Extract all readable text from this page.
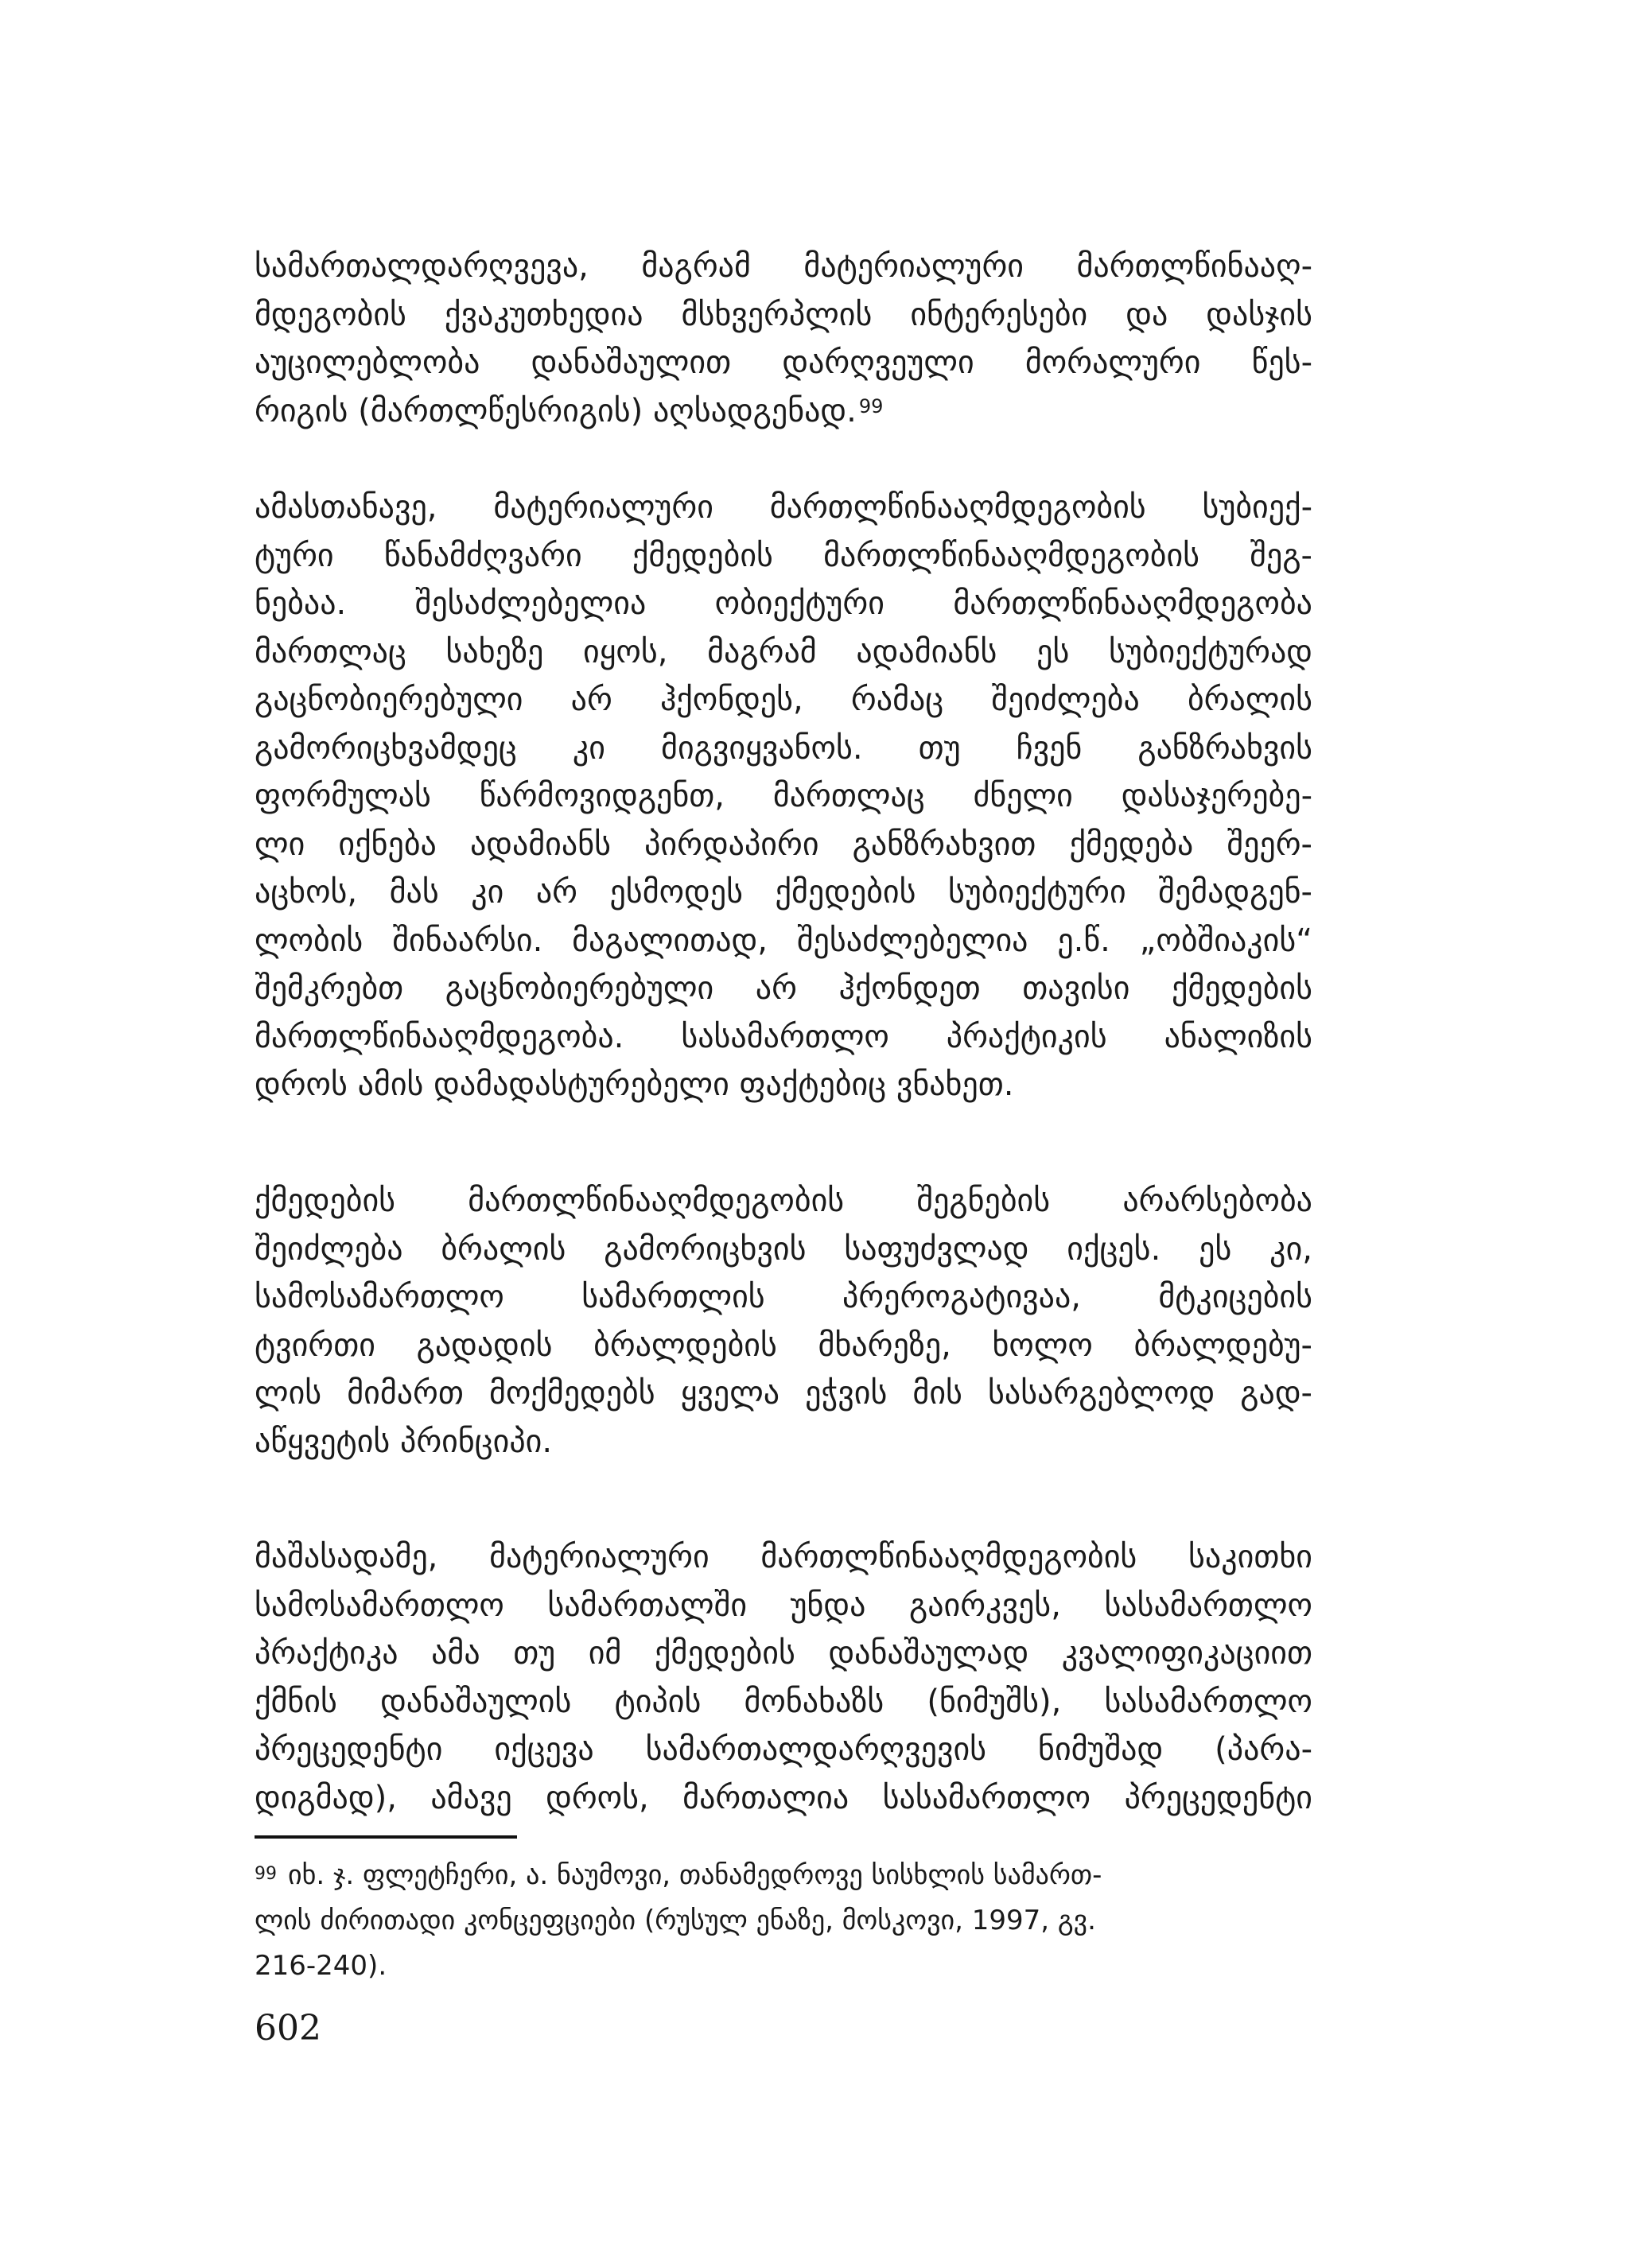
სამართალდარღვევა, მაგრამ მატერიალური მართლწინააღ-
მდეგობის ქვაკუთხედია მსხვერპლის ინტერესები და დასჯის
აუცილებლობა დანაშაულით დარღვეული მორალური წეს-
რიგის (მართლწესრიგის) აღსადგენად. $^{99}$
ამასთანავე, მატერიალური მართლწინააღმდეგობის სუბიექ-
ტური წანამძღვარი ქმედების მართლწინააღმდეგობის შეგ-
ნებაა. შესაძლებელია ობიექტური მართლწინააღმდეგობა
მართლაც სახეზე იყოს, მაგრამ ადამიანს ეს სუბიექტურად
გაცნობიერებული არ ჰქონდეს, რამაც შეიძლება ბრალის
გამორიცხვამდეც კი მიგვიყვანოს. თუ ჩვენ განზრახვის
ფორმულას წარმოვიდგენთ, მართლაც ძნელი დასაჯერებე-
ლი იქნება ადამიანს პირდაპირი განზრახვით ქმედება შეერ-
აცხოს, მას კი არ ესმოდეს ქმედების სუბიექტური შემადგენ-
ლობის შინაარსი. მაგალითად, შესაძლებელია ე.წ. „ობშიაკის“
შემკრებთ გაცნობიერებული არ ჰქონდეთ თავისი ქმედების
მართლწინააღმდეგობა. სასამართლო პრაქტიკის ანალიზის
დროს ამის დამადასტურებელი ფაქტებიც ვნახეთ.
ქმედების მართლწინააღმდეგობის შეგნების არარსებობა
შეიძლება ბრალის გამორიცხვის საფუძვლად იქცეს. ეს კი,
სამოსამართლო სამართლის პრეროგატივაა, მტკიცების
ტვირთი გადადის ბრალდების მხარეზე, ხოლო ბრალდებუ-
ლის მიმართ მოქმედებს ყველა ეჭვის მის სასარგებლოდ გად-
აწყვეტის პრინციპი.
მაშასადამე, მატერიალური მართლწინააღმდეგობის საკითხი
სამოსამართლო სამართალში უნდა გაირკვეს, სასამართლო
პრაქტიკა ამა თუ იმ ქმედების დანაშაულად კვალიფიკაციით
ქმნის დანაშაულის ტიპის მონახაზს (ნიმუშს), სასამართლო
პრეცედენტი იქცევა სამართალდარღვევის ნიმუშად (პარა-
დიგმად), ამავე დროს, მართალია სასამართლო პრეცედენტი
$^{99}$ იხ. ჯ. ფლეტჩერი, ა. ნაუმოვი, თანამედროვე სისხლის სამართ-
ლის ძირითადი კონცეფციები (რუსულ ენაზე, მოსკოვი, 1997, გვ.
216-240).
602
